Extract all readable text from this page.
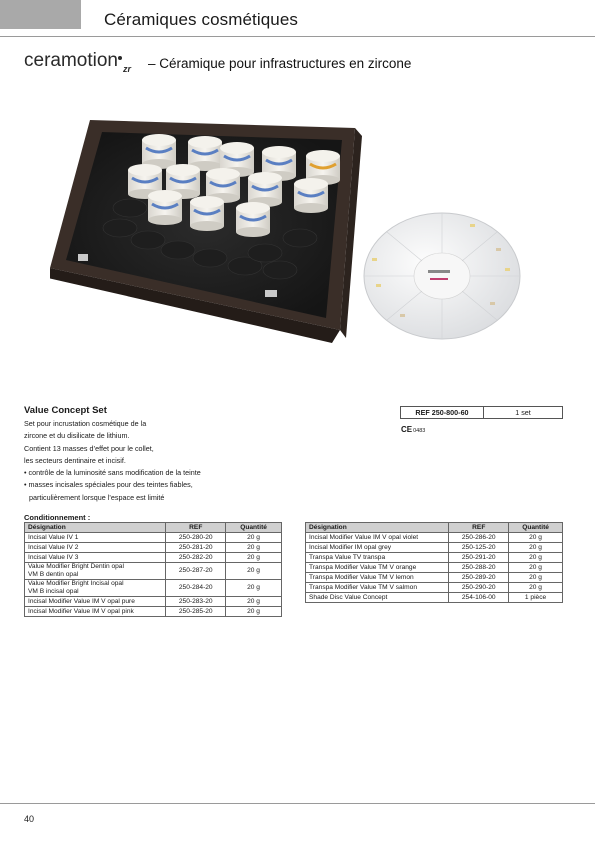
Céramiques cosmétiques
ceramotion $_{zr}$ – Céramique pour infrastructures en zircone
Value Concept Set
Set pour incrustation cosmétique de la
zircone et du disilicate de lithium.
Contient 13 masses d’effet pour le collet,
les secteurs dentinaire et incisif.
• contrôle de la luminosité sans modification de la teinte
• masses incisales spéciales pour des teintes fiables,
particulièrement lorsque l’espace est limité
REF 250-800-60	1 set
CE0483
Conditionnement :
Désignation	REF	Quantité
Incisal Value IV 1	250-280-20	20 g
Incisal Value IV 2	250-281-20	20 g
Incisal Value IV 3	250-282-20	20 g
Value Modifier Bright Dentin opal
VM B dentin opal	250-287-20	20 g
Value Modifier Bright Incisal opal
VM B incisal opal	250-284-20	20 g
Incisal Modifier Value IM V opal pure	250-283-20	20 g
Incisal Modifier Value IM V opal pink	250-285-20	20 g
Désignation	REF	Quantité
Incisal Modifier Value IM V opal violet	250-286-20	20 g
Incisal Modifier IM opal grey	250-125-20	20 g
Transpa Value TV transpa	250-291-20	20 g
Transpa Modifier Value TM V orange	250-288-20	20 g
Transpa Modifier Value TM V lemon	250-289-20	20 g
Transpa Modifier Value TM V salmon	250-290-20	20 g
Shade Disc Value Concept	254-106-00	1 pièce
40
